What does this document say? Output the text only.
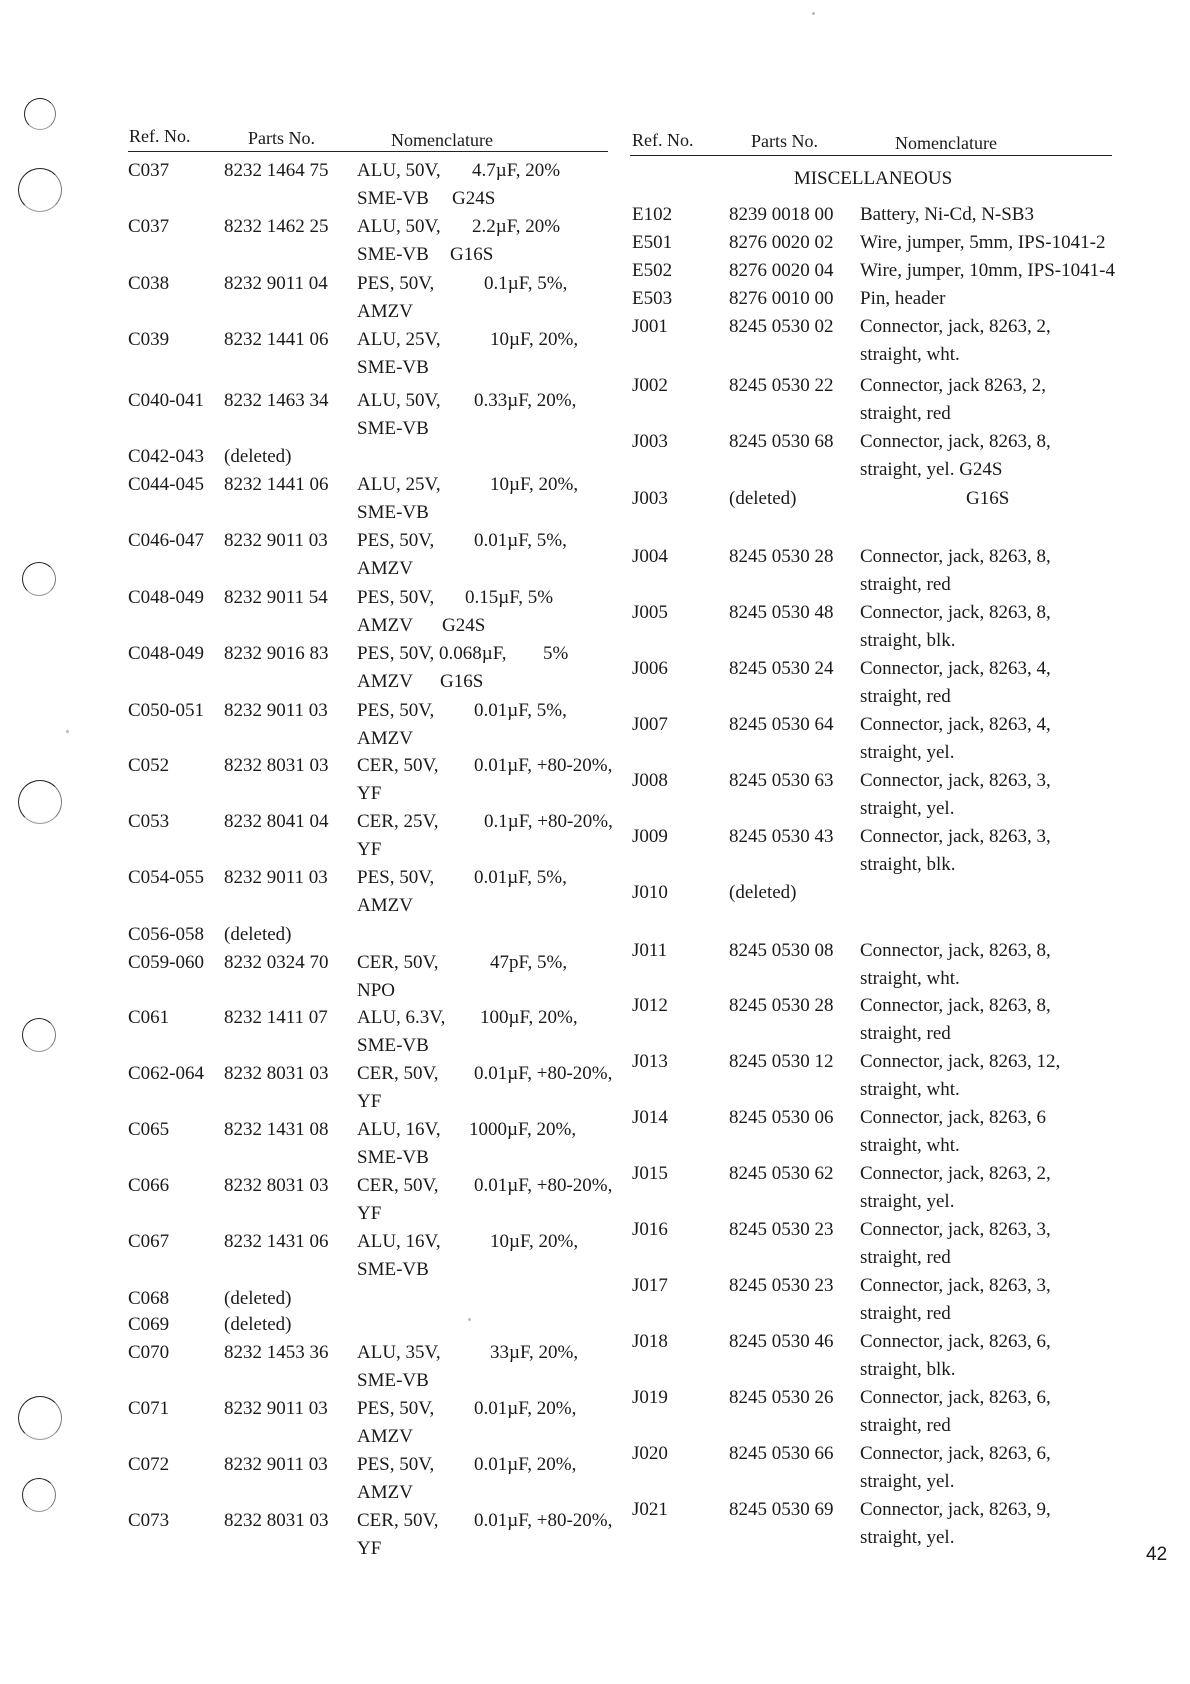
Ref. No.	Parts No.	Nomenclature	Ref. No.	Parts No.	Nomenclature
MISCELLANEOUS
C037	8232 1464 75 ALU, 50V, 4.7µF, 20%
SME-VB G24S
C037	8232 1462 25 ALU, 50V, 2.2µF, 20%
SME-VB G16S
C038	8232 9011 04 PES, 50V,	0.1µF, 5%,
AMZV
C039	8232 1441 06 ALU, 25V,	10µF, 20%,
SME-VB
C040-041 8232 1463 34 ALU, 50V, 0.33µF, 20%,
SME-VB
C042-043 (deleted)
C044-045 8232 1441 06 ALU, 25V,	10µF, 20%,
SME-VB
C046-047 8232 9011 03 PES, 50V, 0.01µF, 5%,
AMZV
C048-049 8232 9011 54 PES, 50V, 0.15µF, 5%
AMZV G24S
C048-049 8232 9016 83 PES, 50V, 0.068µF, 5%
AMZV G16S
C050-051 8232 9011 03 PES, 50V, 0.01µF, 5%,
AMZV
C052	8232 8031 03 CER, 50V, 0.01µF, +80-20%,
YF
C053	8232 8041 04 CER, 25V, 0.1µF, +80-20%,
YF
C054-055 8232 9011 03 PES, 50V, 0.01µF, 5%,
AMZV
C056-058 (deleted)
C059-060 8232 0324 70 CER, 50V,	47pF, 5%,
NPO
C061	8232 1411 07 ALU, 6.3V, 100µF, 20%,
SME-VB
C062-064 8232 8031 03 CER, 50V, 0.01µF, +80-20%,
YF
C065	8232 1431 08 ALU, 16V, 1000µF, 20%,
SME-VB
C066	8232 8031 03 CER, 50V, 0.01µF, +80-20%,
YF
C067	8232 1431 06 ALU, 16V,	10µF, 20%,
SME-VB
C068	(deleted)
C069	(deleted)
C070	8232 1453 36 ALU, 35V,	33µF, 20%,
SME-VB
C071	8232 9011 03 PES, 50V, 0.01µF, 20%,
AMZV
C072	8232 9011 03 PES, 50V, 0.01µF, 20%,
AMZV
C073	8232 8031 03 CER, 50V, 0.01µF, +80-20%,
YF
E102	8239 0018 00 Battery, Ni-Cd, N-SB3
E501	8276 0020 02 Wire, jumper, 5mm, IPS-1041-2
E502	8276 0020 04 Wire, jumper, 10mm, IPS-1041-4
E503	8276 0010 00 Pin, header
J001	8245 0530 02 Connector, jack, 8263, 2,
straight, wht.
J002	8245 0530 22 Connector, jack 8263, 2,
straight, red
J003	8245 0530 68 Connector, jack, 8263, 8,
straight, yel. G24S
J003	(deleted)	G16S
J004	8245 0530 28 Connector, jack, 8263, 8,
straight, red
J005	8245 0530 48 Connector, jack, 8263, 8,
straight, blk.
J006	8245 0530 24 Connector, jack, 8263, 4,
straight, red
J007	8245 0530 64 Connector, jack, 8263, 4,
straight, yel.
J008	8245 0530 63 Connector, jack, 8263, 3,
straight, yel.
J009	8245 0530 43 Connector, jack, 8263, 3,
straight, blk.
J010	(deleted)
J011	8245 0530 08 Connector, jack, 8263, 8,
straight, wht.
J012	8245 0530 28 Connector, jack, 8263, 8,
straight, red
J013	8245 0530 12 Connector, jack, 8263, 12,
straight, wht.
J014	8245 0530 06 Connector, jack, 8263, 6
straight, wht.
J015	8245 0530 62 Connector, jack, 8263, 2,
straight, yel.
J016	8245 0530 23 Connector, jack, 8263, 3,
straight, red
J017	8245 0530 23 Connector, jack, 8263, 3,
straight, red
J018	8245 0530 46 Connector, jack, 8263, 6,
straight, blk.
J019	8245 0530 26 Connector, jack, 8263, 6,
straight, red
J020	8245 0530 66 Connector, jack, 8263, 6,
straight, yel.
J021	8245 0530 69 Connector, jack, 8263, 9,
straight, yel.
42
